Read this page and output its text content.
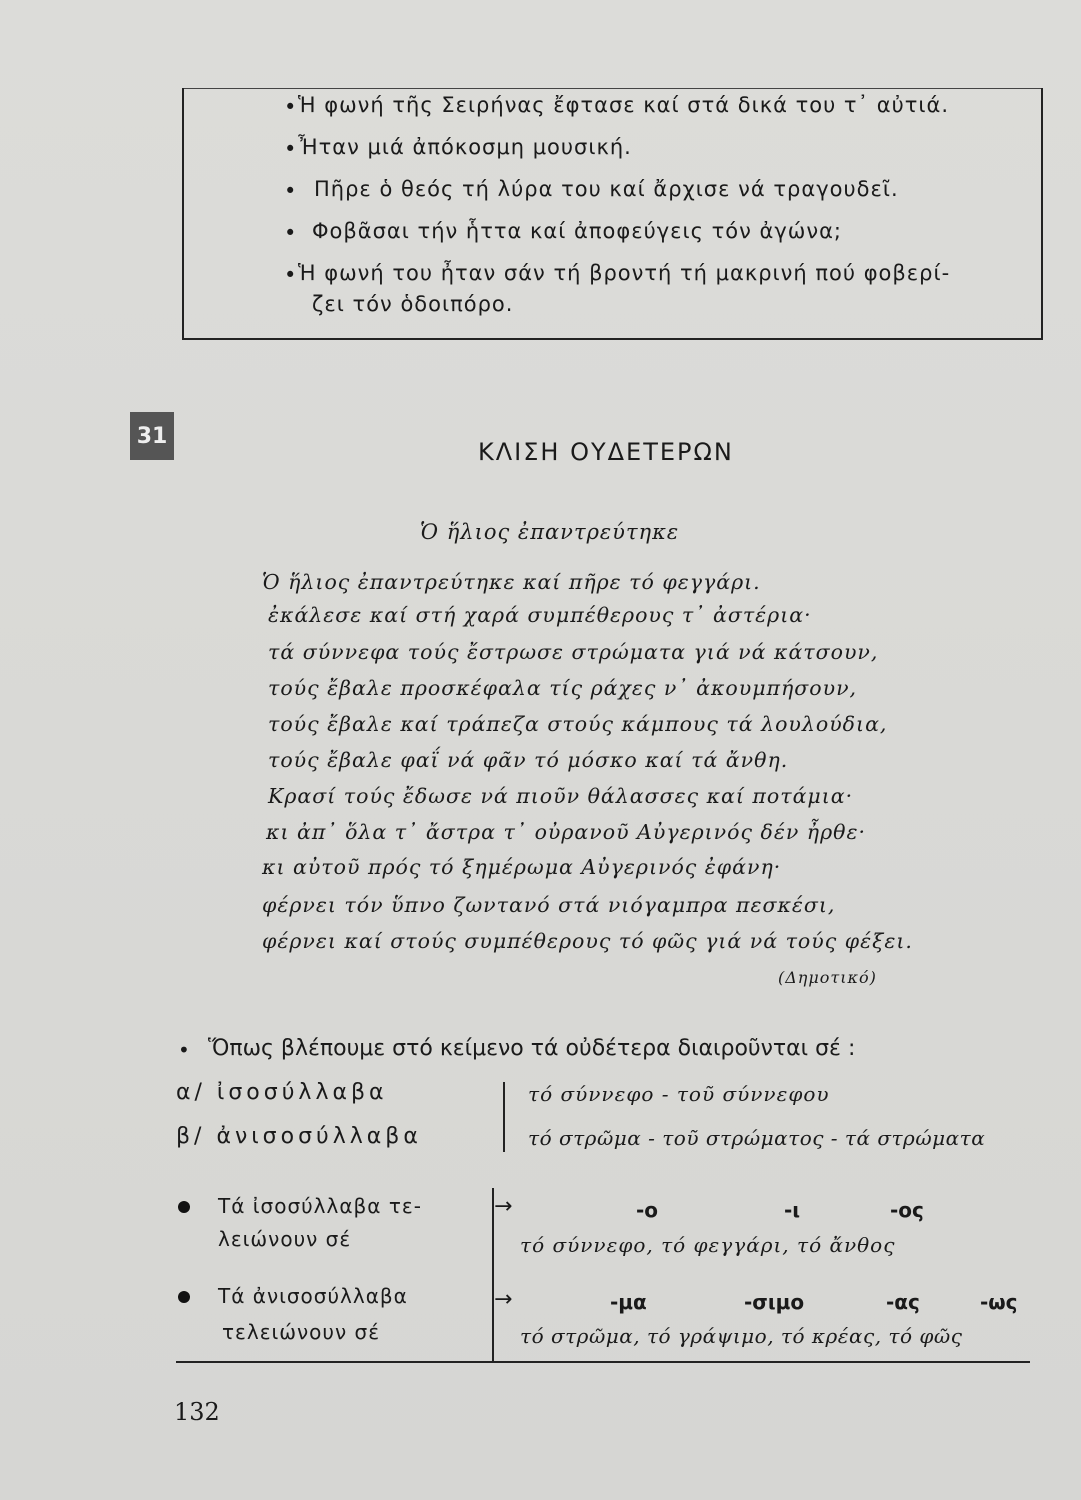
• Ἡ φωνή τῆς Σειρήνας ἔφτασε καί στά δικά του τ᾽ αὐτιά.
• Ἦταν μιά ἀπόκοσμη μουσική.
• Πῆρε ὁ θεός τή λύρα του καί ἄρχισε νά τραγουδεῖ.
• Φοβᾶσαι τήν ἧττα καί ἀποφεύγεις τόν ἀγώνα;
• Ἡ φωνή του ἦταν σάν τή βροντή τή μακρινή πού φοβερί-
ζει τόν ὁδοιπόρο.
31
ΚΛΙΣΗ ΟΥΔΕΤΕΡΩΝ
Ὁ ἥλιος ἐπαντρεύτηκε
Ὁ ἥλιος ἐπαντρεύτηκε καί πῆρε τό φεγγάρι.
ἐκάλεσε καί στή χαρά συμπέθερους τ᾽ ἀστέρια·
τά σύννεφα τούς ἔστρωσε στρώματα γιά νά κάτσουν,
τούς ἔβαλε προσκέφαλα τίς ράχες ν᾽ ἀκουμπήσουν,
τούς ἔβαλε καί τράπεζα στούς κάμπους τά λουλούδια,
τούς ἔβαλε φαΐ νά φᾶν τό μόσκο καί τά ἄνθη.
Κρασί τούς ἔδωσε νά πιοῦν θάλασσες καί ποτάμια·
κι ἀπ᾽ ὅλα τ᾽ ἄστρα τ᾽ οὐρανοῦ Αὐγερινός δέν ἦρθε·
κι αὐτοῦ πρός τό ξημέρωμα Αὐγερινός ἐφάνη·
φέρνει τόν ὕπνο ζωντανό στά νιόγαμπρα πεσκέσι,
φέρνει καί στούς συμπέθερους τό φῶς γιά νά τούς φέξει.
(Δημοτικό)
• Ὅπως βλέπουμε στό κείμενο τά οὐδέτερα διαιροῦνται σέ :
α/ ἰσοσύλλαβα	τό σύννεφο - τοῦ σύννεφου
β/ ἀνισοσύλλαβα	τό στρῶμα - τοῦ στρώματος - τά στρώματα
Τά ἰσοσύλλαβα τε-
λειώνουν σέ
→	-ο	-ι	-ος
τό σύννεφο, τό φεγγάρι, τό ἄνθος
Τά ἀνισοσύλλαβα
τελειώνουν σέ
→	-μα	-σιμο	-ας	-ως
τό στρῶμα, τό γράψιμο, τό κρέας, τό φῶς
132
